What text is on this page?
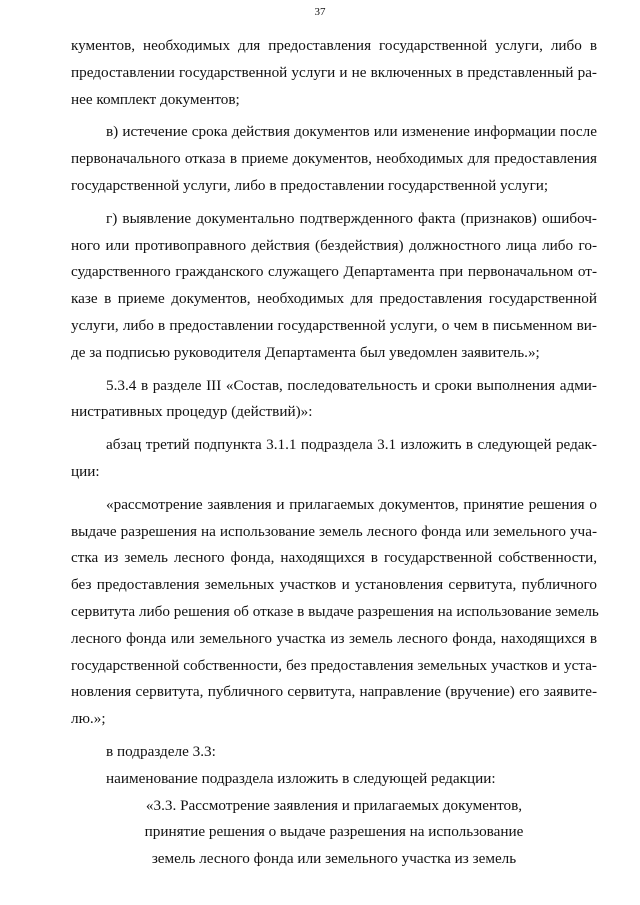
37

кументов, необходимых для предоставления государственной услуги, либо в
предоставлении государственной услуги и не включенных в представленный ра-
нее комплект документов;

в) истечение срока действия документов или изменение информации после
первоначального отказа в приеме документов, необходимых для предоставления
государственной услуги, либо в предоставлении государственной услуги;

г) выявление документально подтвержденного факта (признаков) ошибоч-
ного или противоправного действия (бездействия) должностного лица либо го-
сударственного гражданского служащего Департамента при первоначальном от-
казе в приеме документов, необходимых для предоставления государственной
услуги, либо в предоставлении государственной услуги, о чем в письменном ви-
де за подписью руководителя Департамента был уведомлен заявитель.»;

5.3.4 в разделе III «Состав, последовательность и сроки выполнения адми-
нистративных процедур (действий)»:

абзац третий подпункта 3.1.1 подраздела 3.1 изложить в следующей редак-
ции:

«рассмотрение заявления и прилагаемых документов, принятие решения о
выдаче разрешения на использование земель лесного фонда или земельного уча-
стка из земель лесного фонда, находящихся в государственной собственности,
без предоставления земельных участков и установления сервитута, публичного
сервитута либо решения об отказе в выдаче разрешения на использование земель
лесного фонда или земельного участка из земель лесного фонда, находящихся в
государственной собственности, без предоставления земельных участков и уста-
новления сервитута, публичного сервитута, направление (вручение) его заявите-
лю.»;

в подразделе 3.3:

наименование подраздела изложить в следующей редакции:

«3.3. Рассмотрение заявления и прилагаемых документов,
принятие решения о выдаче разрешения на использование
земель лесного фонда или земельного участка из земель
